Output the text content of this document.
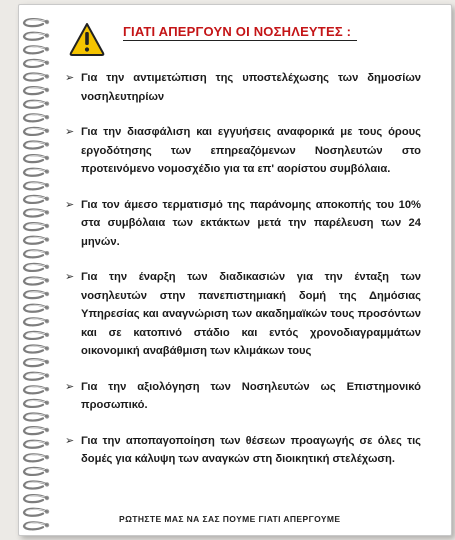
ΓΙΑΤΙ ΑΠΕΡΓΟΥΝ ΟΙ ΝΟΣΗΛΕΥΤΕΣ :
➢ Για την αντιμετώπιση της υποστελέχωσης των δημοσίων νοσηλευτηρίων
➢ Για την διασφάλιση και εγγυήσεις αναφορικά με τους όρους εργοδότησης των επηρεαζόμενων Νοσηλευτών στο προτεινόμενο νομοσχέδιο για τα επ' αορίστου συμβόλαια.
➢ Για τον άμεσο τερματισμό της παράνομης αποκοπής του 10% στα συμβόλαια των εκτάκτων μετά την παρέλευση των 24 μηνών.
➢ Για την έναρξη των διαδικασιών για την ένταξη των νοσηλευτών στην πανεπιστημιακή δομή της Δημόσιας Υπηρεσίας και αναγνώριση των ακαδημαϊκών τους προσόντων και σε κατοπινό στάδιο και εντός χρονοδιαγραμμάτων οικονομική αναβάθμιση των κλιμάκων τους
➢ Για την αξιολόγηση των Νοσηλευτών ως Επιστημονικό προσωπικό.
➢ Για την αποπαγοποίηση των θέσεων προαγωγής σε όλες τις δομές για κάλυψη των αναγκών στη διοικητική στελέχωση.
ΡΩΤΗΣΤΕ ΜΑΣ ΝΑ ΣΑΣ ΠΟΥΜΕ ΓΙΑΤΙ ΑΠΕΡΓΟΥΜΕ
